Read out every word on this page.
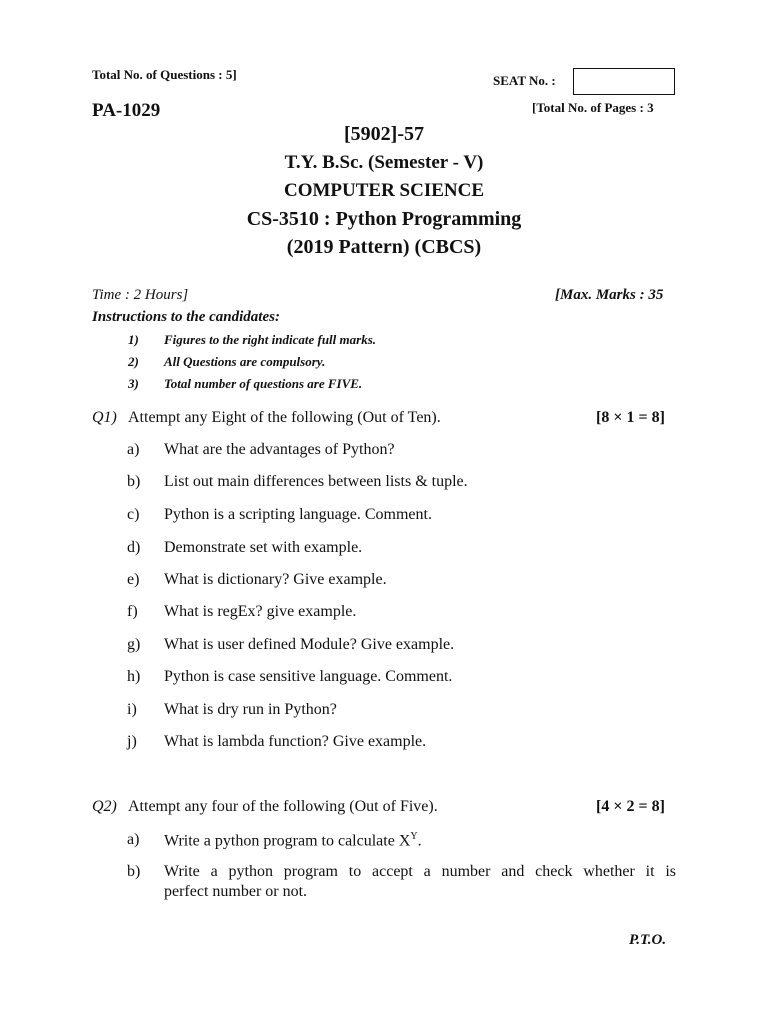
Total No. of Questions : 5]	SEAT No. :
PA-1029	[Total No. of Pages : 3
[5902]-57
T.Y. B.Sc. (Semester - V)
COMPUTER SCIENCE
CS-3510 : Python Programming
(2019 Pattern) (CBCS)
Time : 2 Hours]	[Max. Marks : 35
Instructions to the candidates:
1) Figures to the right indicate full marks.
2) All Questions are compulsory.
3) Total number of questions are FIVE.
Q1) Attempt any Eight of the following (Out of Ten).	[8 × 1 = 8]
a) What are the advantages of Python?
b) List out main differences between lists & tuple.
c) Python is a scripting language. Comment.
d) Demonstrate set with example.
e) What is dictionary? Give example.
f) What is regEx? give example.
g) What is user defined Module? Give example.
h) Python is case sensitive language. Comment.
i) What is dry run in Python?
j) What is lambda function? Give example.
Q2) Attempt any four of the following (Out of Five).	[4 × 2 = 8]
a) Write a python program to calculate $X^Y$.
b) Write a python program to accept a number and check whether it is
perfect number or not.
P.T.O.
